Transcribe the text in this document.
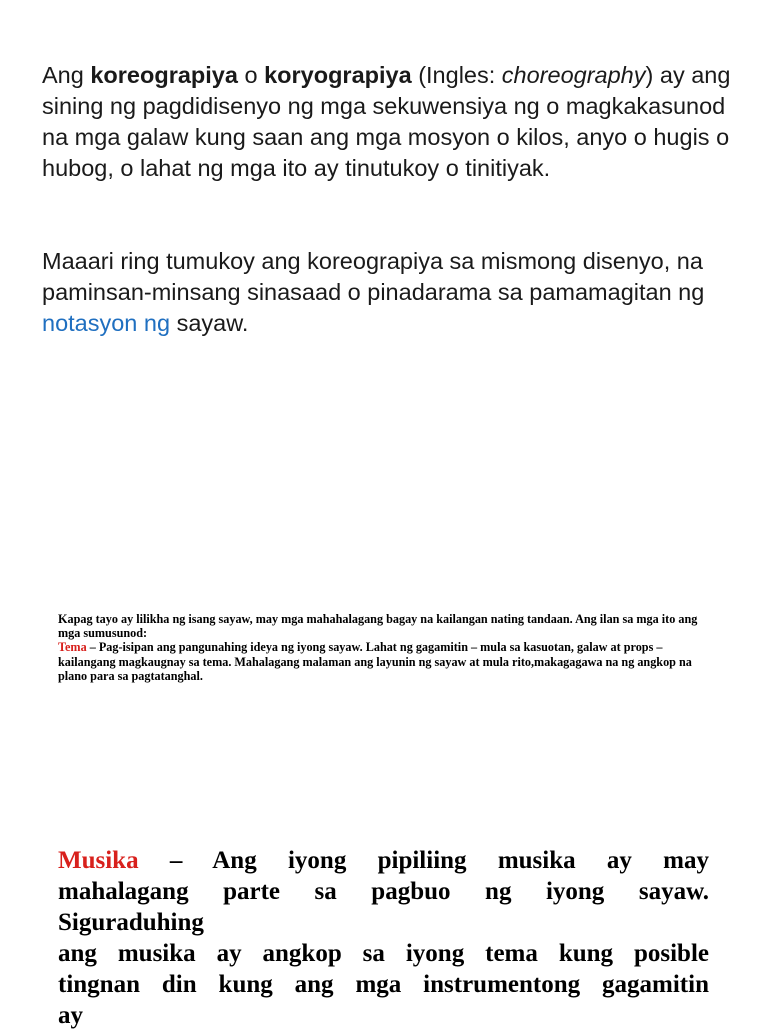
Ang koreograpiya o koryograpiya (Ingles: choreography) ay ang sining ng pagdidisenyo ng mga sekuwensiya ng o magkakasunod na mga galaw kung saan ang mga mosyon o kilos, anyo o hugis o hubog, o lahat ng mga ito ay tinutukoy o tinitiyak.

Maaari ring tumukoy ang koreograpiya sa mismong disenyo, na paminsan-minsang sinasaad o pinadarama sa pamamagitan ng notasyon ng sayaw.

Kapag tayo ay lilikha ng isang sayaw, may mga mahahalagang bagay na kailangan nating tandaan. Ang ilan sa mga ito ang mga sumusunod:
Tema – Pag-isipan ang pangunahing ideya ng iyong sayaw. Lahat ng gagamitin – mula sa kasuotan, galaw at props – kailangang magkaugnay sa tema. Mahalagang malaman ang layunin ng sayaw at mula rito,makagagawa na ng angkop na plano para sa pagtatanghal.

Musika – Ang iyong pipiliing musika ay may
mahalagang parte sa pagbuo ng iyong sayaw.
Siguraduhing
ang musika ay angkop sa iyong tema kung posible
tingnan din kung ang mga instrumentong gagamitin
ay
